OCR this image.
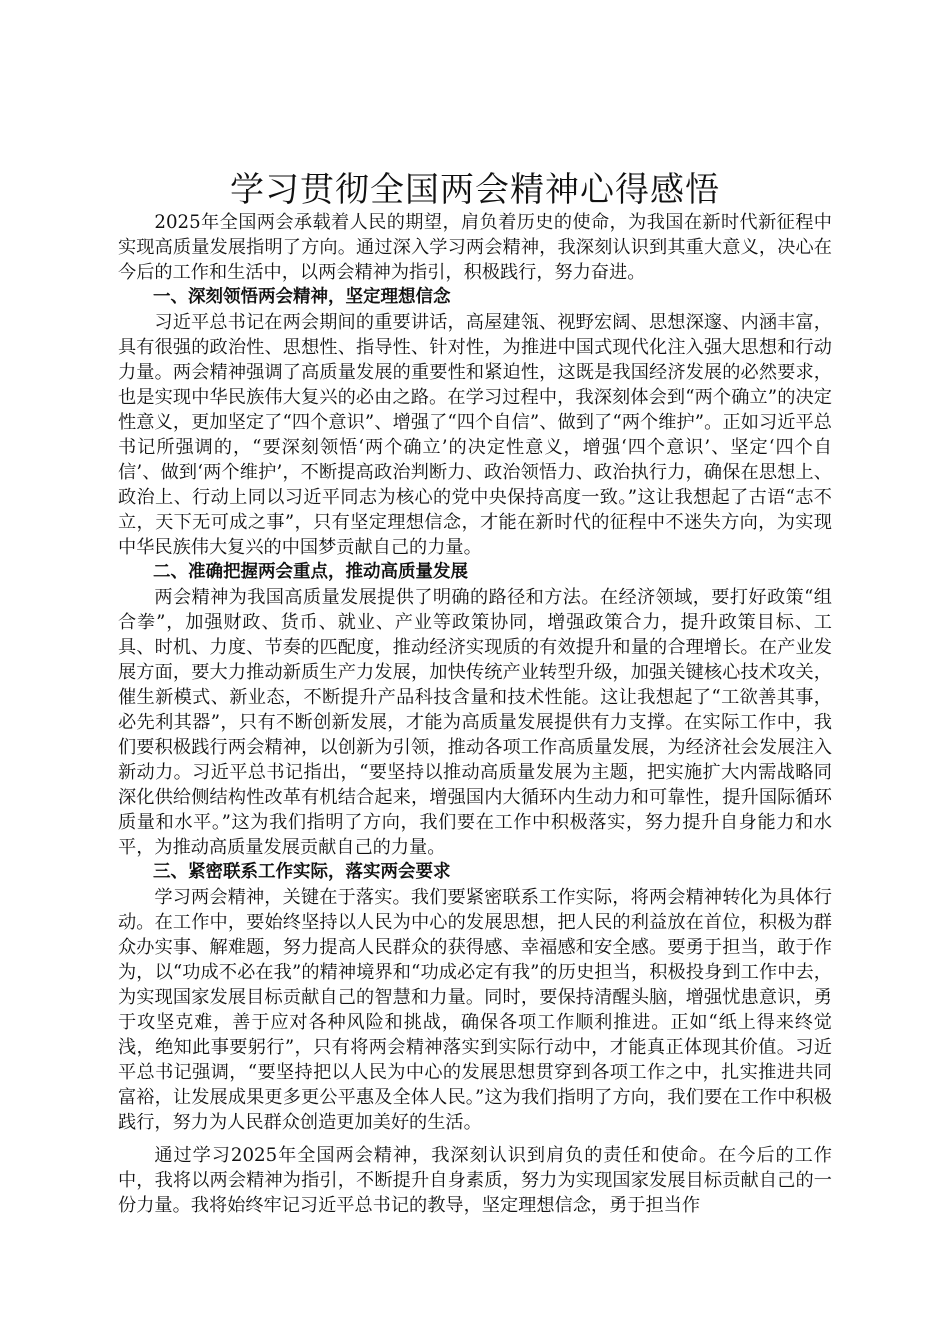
学习贯彻全国两会精神心得感悟

2025年全国两会承载着人民的期望，肩负着历史的使命，为我国在新时代新征程中实现高质量发展指明了方向。通过深入学习两会精神，我深刻认识到其重大意义，决心在今后的工作和生活中，以两会精神为指引，积极践行，努力奋进。

一、深刻领悟两会精神，坚定理想信念

习近平总书记在两会期间的重要讲话，高屋建瓴、视野宏阔、思想深邃、内涵丰富，具有很强的政治性、思想性、指导性、针对性，为推进中国式现代化注入强大思想和行动力量。两会精神强调了高质量发展的重要性和紧迫性，这既是我国经济发展的必然要求，也是实现中华民族伟大复兴的必由之路。在学习过程中，我深刻体会到“两个确立”的决定性意义，更加坚定了“四个意识”、增强了“四个自信”、做到了“两个维护”。正如习近平总书记所强调的，“要深刻领悟‘两个确立’的决定性意义，增强‘四个意识’、坚定‘四个自信’、做到‘两个维护’，不断提高政治判断力、政治领悟力、政治执行力，确保在思想上、政治上、行动上同以习近平同志为核心的党中央保持高度一致。”这让我想起了古语“志不立，天下无可成之事”，只有坚定理想信念，才能在新时代的征程中不迷失方向，为实现中华民族伟大复兴的中国梦贡献自己的力量。

二、准确把握两会重点，推动高质量发展

两会精神为我国高质量发展提供了明确的路径和方法。在经济领域，要打好政策“组合拳”，加强财政、货币、就业、产业等政策协同，增强政策合力，提升政策目标、工具、时机、力度、节奏的匹配度，推动经济实现质的有效提升和量的合理增长。在产业发展方面，要大力推动新质生产力发展，加快传统产业转型升级，加强关键核心技术攻关，催生新模式、新业态，不断提升产品科技含量和技术性能。这让我想起了“工欲善其事，必先利其器”，只有不断创新发展，才能为高质量发展提供有力支撑。在实际工作中，我们要积极践行两会精神，以创新为引领，推动各项工作高质量发展，为经济社会发展注入新动力。习近平总书记指出，“要坚持以推动高质量发展为主题，把实施扩大内需战略同深化供给侧结构性改革有机结合起来，增强国内大循环内生动力和可靠性，提升国际循环质量和水平。”这为我们指明了方向，我们要在工作中积极落实，努力提升自身能力和水平，为推动高质量发展贡献自己的力量。

三、紧密联系工作实际，落实两会要求

学习两会精神，关键在于落实。我们要紧密联系工作实际，将两会精神转化为具体行动。在工作中，要始终坚持以人民为中心的发展思想，把人民的利益放在首位，积极为群众办实事、解难题，努力提高人民群众的获得感、幸福感和安全感。要勇于担当，敢于作为，以“功成不必在我”的精神境界和“功成必定有我”的历史担当，积极投身到工作中去，为实现国家发展目标贡献自己的智慧和力量。同时，要保持清醒头脑，增强忧患意识，勇于攻坚克难，善于应对各种风险和挑战，确保各项工作顺利推进。正如“纸上得来终觉浅，绝知此事要躬行”，只有将两会精神落实到实际行动中，才能真正体现其价值。习近平总书记强调，“要坚持把以人民为中心的发展思想贯穿到各项工作之中，扎实推进共同富裕，让发展成果更多更公平惠及全体人民。”这为我们指明了方向，我们要在工作中积极践行，努力为人民群众创造更加美好的生活。

通过学习2025年全国两会精神，我深刻认识到肩负的责任和使命。在今后的工作中，我将以两会精神为指引，不断提升自身素质，努力为实现国家发展目标贡献自己的一份力量。我将始终牢记习近平总书记的教导，坚定理想信念，勇于担当作
